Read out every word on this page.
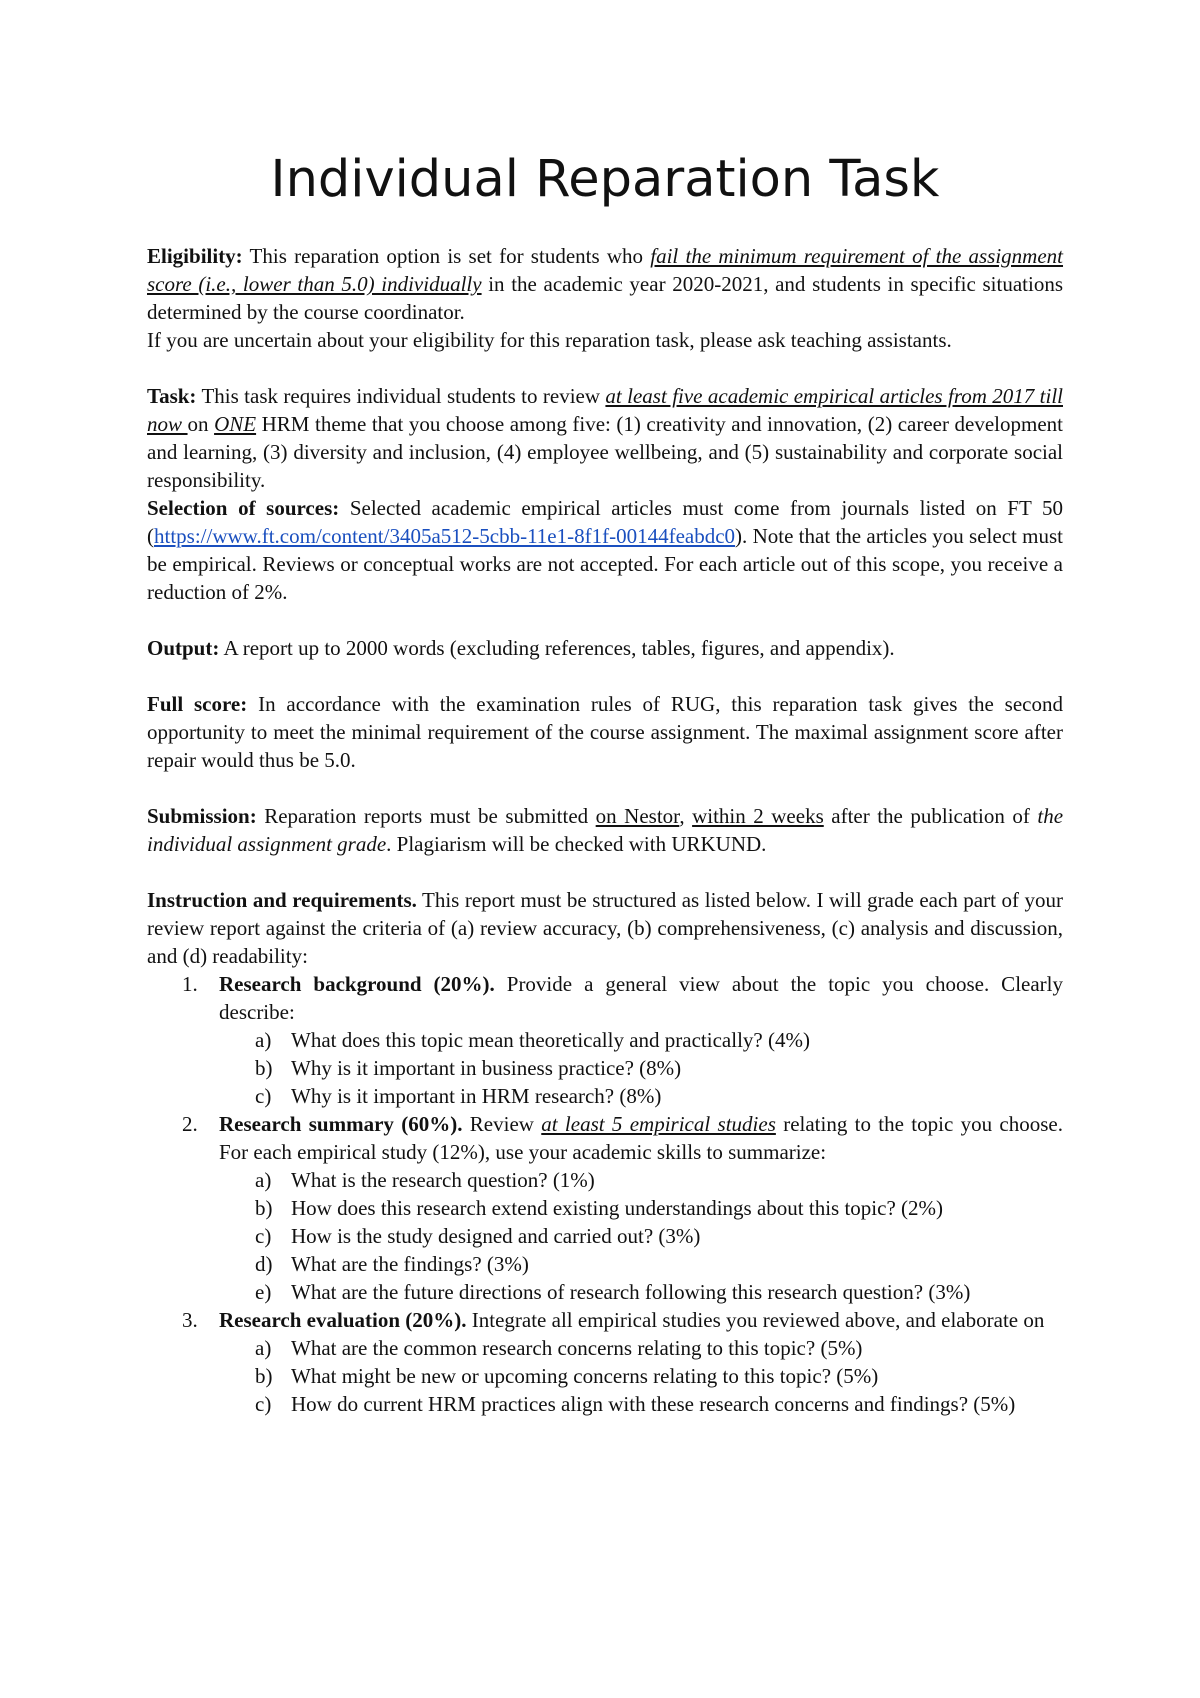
Individual Reparation Task

Eligibility: This reparation option is set for students who fail the minimum requirement of the assignment score (i.e., lower than 5.0) individually in the academic year 2020-2021, and students in specific situations determined by the course coordinator.

If you are uncertain about your eligibility for this reparation task, please ask teaching assistants.

Task: This task requires individual students to review at least five academic empirical articles from 2017 till now on ONE HRM theme that you choose among five: (1) creativity and innovation, (2) career development and learning, (3) diversity and inclusion, (4) employee wellbeing, and (5) sustainability and corporate social responsibility.

Selection of sources: Selected academic empirical articles must come from journals listed on FT 50 (https://www.ft.com/content/3405a512-5cbb-11e1-8f1f-00144feabdc0). Note that the articles you select must be empirical. Reviews or conceptual works are not accepted. For each article out of this scope, you receive a reduction of 2%.

Output: A report up to 2000 words (excluding references, tables, figures, and appendix).

Full score: In accordance with the examination rules of RUG, this reparation task gives the second opportunity to meet the minimal requirement of the course assignment. The maximal assignment score after repair would thus be 5.0.

Submission: Reparation reports must be submitted on Nestor, within 2 weeks after the publication of the individual assignment grade. Plagiarism will be checked with URKUND.

Instruction and requirements. This report must be structured as listed below. I will grade each part of your review report against the criteria of (a) review accuracy, (b) comprehensiveness, (c) analysis and discussion, and (d) readability:

1. Research background (20%). Provide a general view about the topic you choose. Clearly describe:
a) What does this topic mean theoretically and practically? (4%)
b) Why is it important in business practice? (8%)
c) Why is it important in HRM research? (8%)
2. Research summary (60%). Review at least 5 empirical studies relating to the topic you choose. For each empirical study (12%), use your academic skills to summarize:
a) What is the research question? (1%)
b) How does this research extend existing understandings about this topic? (2%)
c) How is the study designed and carried out? (3%)
d) What are the findings? (3%)
e) What are the future directions of research following this research question? (3%)
3. Research evaluation (20%). Integrate all empirical studies you reviewed above, and elaborate on
a) What are the common research concerns relating to this topic? (5%)
b) What might be new or upcoming concerns relating to this topic? (5%)
c) How do current HRM practices align with these research concerns and findings? (5%)
